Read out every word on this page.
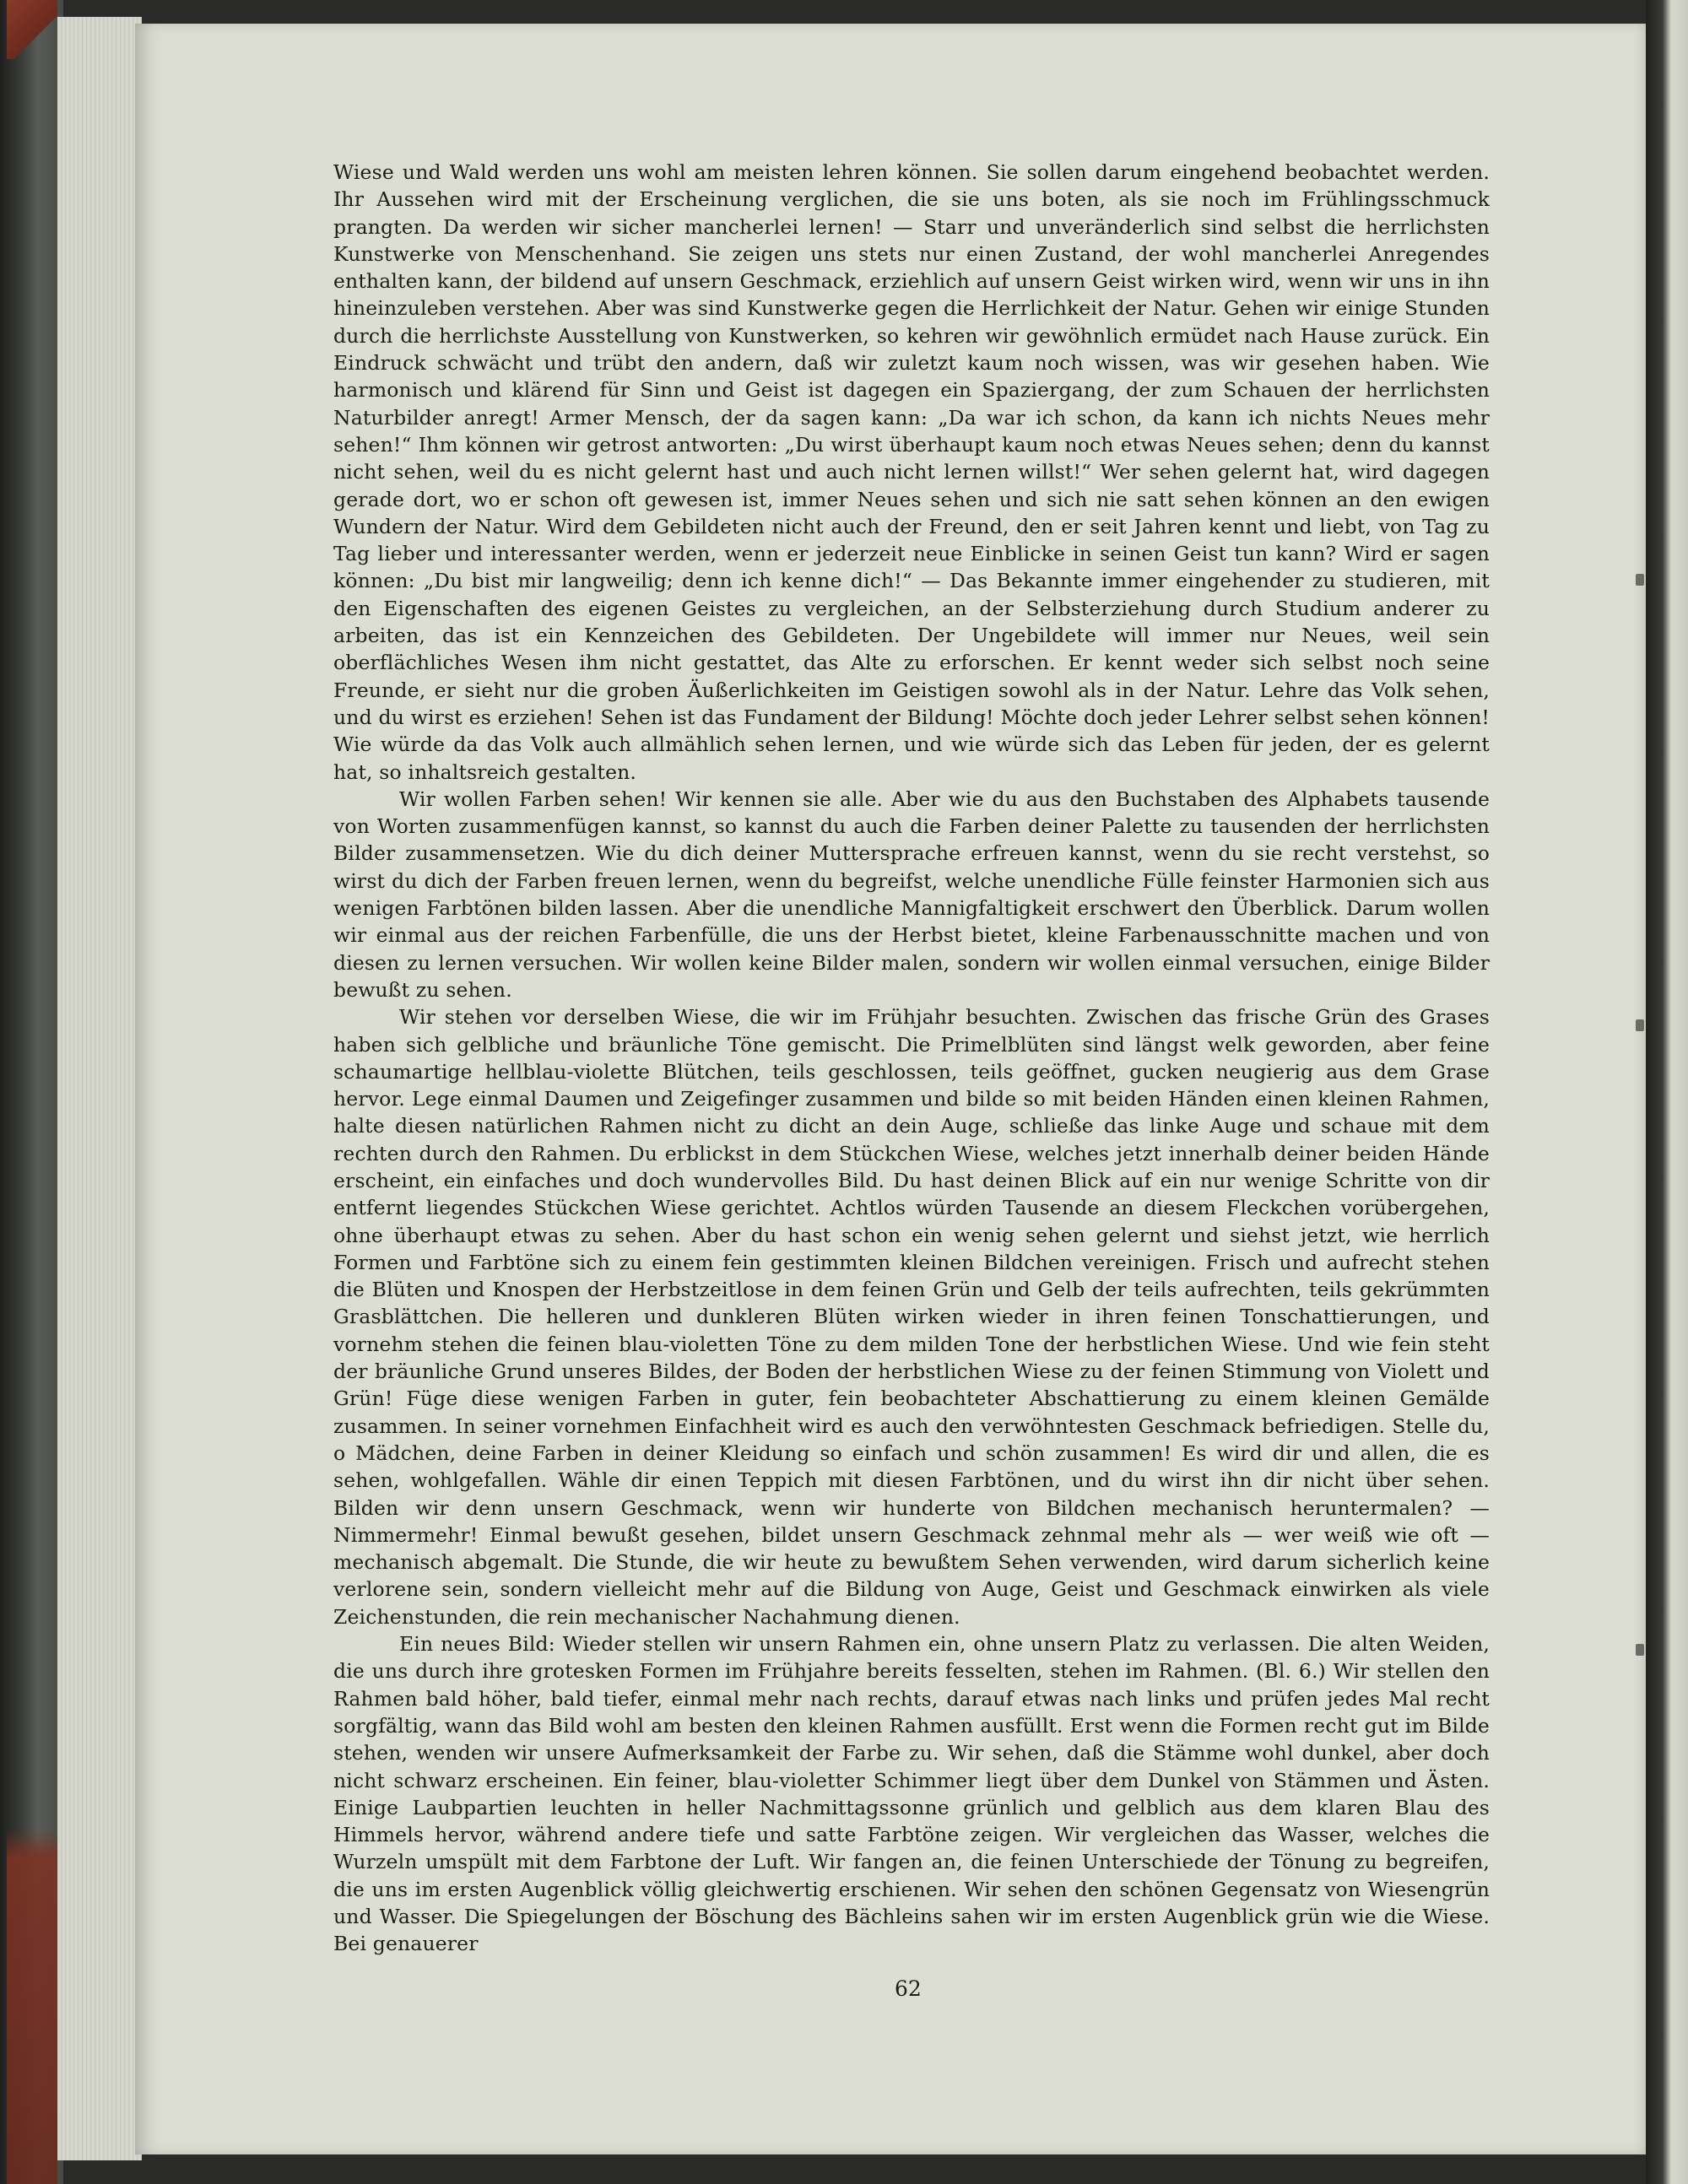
Wiese und Wald werden uns wohl am meisten lehren können. Sie sollen darum eingehend beobachtet werden. Ihr Aussehen wird mit der Erscheinung verglichen, die sie uns boten, als sie noch im Frühlingsschmuck prangten. Da werden wir sicher mancherlei lernen! — Starr und unveränderlich sind selbst die herrlichsten Kunstwerke von Menschenhand. Sie zeigen uns stets nur einen Zustand, der wohl mancherlei Anregendes enthalten kann, der bildend auf unsern Geschmack, erziehlich auf unsern Geist wirken wird, wenn wir uns in ihn hineinzuleben verstehen. Aber was sind Kunstwerke gegen die Herrlichkeit der Natur. Gehen wir einige Stunden durch die herrlichste Ausstellung von Kunstwerken, so kehren wir gewöhnlich ermüdet nach Hause zurück. Ein Eindruck schwächt und trübt den andern, daß wir zuletzt kaum noch wissen, was wir gesehen haben. Wie harmonisch und klärend für Sinn und Geist ist dagegen ein Spaziergang, der zum Schauen der herrlichsten Naturbilder anregt! Armer Mensch, der da sagen kann: „Da war ich schon, da kann ich nichts Neues mehr sehen!“ Ihm können wir getrost antworten: „Du wirst überhaupt kaum noch etwas Neues sehen; denn du kannst nicht sehen, weil du es nicht gelernt hast und auch nicht lernen willst!“ Wer sehen gelernt hat, wird dagegen gerade dort, wo er schon oft gewesen ist, immer Neues sehen und sich nie satt sehen können an den ewigen Wundern der Natur. Wird dem Gebildeten nicht auch der Freund, den er seit Jahren kennt und liebt, von Tag zu Tag lieber und interessanter werden, wenn er jederzeit neue Einblicke in seinen Geist tun kann? Wird er sagen können: „Du bist mir langweilig; denn ich kenne dich!“ — Das Bekannte immer eingehender zu studieren, mit den Eigenschaften des eigenen Geistes zu vergleichen, an der Selbsterziehung durch Studium anderer zu arbeiten, das ist ein Kennzeichen des Gebildeten. Der Ungebildete will immer nur Neues, weil sein oberflächliches Wesen ihm nicht gestattet, das Alte zu erforschen. Er kennt weder sich selbst noch seine Freunde, er sieht nur die groben Äußerlichkeiten im Geistigen sowohl als in der Natur. Lehre das Volk sehen, und du wirst es erziehen! Sehen ist das Fundament der Bildung! Möchte doch jeder Lehrer selbst sehen können! Wie würde da das Volk auch allmählich sehen lernen, und wie würde sich das Leben für jeden, der es gelernt hat, so inhaltsreich gestalten.

Wir wollen Farben sehen! Wir kennen sie alle. Aber wie du aus den Buchstaben des Alphabets tausende von Worten zusammenfügen kannst, so kannst du auch die Farben deiner Palette zu tausenden der herrlichsten Bilder zusammensetzen. Wie du dich deiner Muttersprache erfreuen kannst, wenn du sie recht verstehst, so wirst du dich der Farben freuen lernen, wenn du begreifst, welche unendliche Fülle feinster Harmonien sich aus wenigen Farbtönen bilden lassen. Aber die unendliche Mannigfaltigkeit erschwert den Überblick. Darum wollen wir einmal aus der reichen Farbenfülle, die uns der Herbst bietet, kleine Farbenausschnitte machen und von diesen zu lernen versuchen. Wir wollen keine Bilder malen, sondern wir wollen einmal versuchen, einige Bilder bewußt zu sehen.

Wir stehen vor derselben Wiese, die wir im Frühjahr besuchten. Zwischen das frische Grün des Grases haben sich gelbliche und bräunliche Töne gemischt. Die Primelblüten sind längst welk geworden, aber feine schaumartige hellblau-violette Blütchen, teils geschlossen, teils geöffnet, gucken neugierig aus dem Grase hervor. Lege einmal Daumen und Zeigefinger zusammen und bilde so mit beiden Händen einen kleinen Rahmen, halte diesen natürlichen Rahmen nicht zu dicht an dein Auge, schließe das linke Auge und schaue mit dem rechten durch den Rahmen. Du erblickst in dem Stückchen Wiese, welches jetzt innerhalb deiner beiden Hände erscheint, ein einfaches und doch wundervolles Bild. Du hast deinen Blick auf ein nur wenige Schritte von dir entfernt liegendes Stückchen Wiese gerichtet. Achtlos würden Tausende an diesem Fleckchen vorübergehen, ohne überhaupt etwas zu sehen. Aber du hast schon ein wenig sehen gelernt und siehst jetzt, wie herrlich Formen und Farbtöne sich zu einem fein gestimmten kleinen Bildchen vereinigen. Frisch und aufrecht stehen die Blüten und Knospen der Herbstzeitlose in dem feinen Grün und Gelb der teils aufrechten, teils gekrümmten Grasblättchen. Die helleren und dunkleren Blüten wirken wieder in ihren feinen Tonschattierungen, und vornehm stehen die feinen blau-violetten Töne zu dem milden Tone der herbstlichen Wiese. Und wie fein steht der bräunliche Grund unseres Bildes, der Boden der herbstlichen Wiese zu der feinen Stimmung von Violett und Grün! Füge diese wenigen Farben in guter, fein beobachteter Abschattierung zu einem kleinen Gemälde zusammen. In seiner vornehmen Einfachheit wird es auch den verwöhntesten Geschmack befriedigen. Stelle du, o Mädchen, deine Farben in deiner Kleidung so einfach und schön zusammen! Es wird dir und allen, die es sehen, wohlgefallen. Wähle dir einen Teppich mit diesen Farbtönen, und du wirst ihn dir nicht über sehen. Bilden wir denn unsern Geschmack, wenn wir hunderte von Bildchen mechanisch heruntermalen? — Nimmermehr! Einmal bewußt gesehen, bildet unsern Geschmack zehnmal mehr als — wer weiß wie oft — mechanisch abgemalt. Die Stunde, die wir heute zu bewußtem Sehen verwenden, wird darum sicherlich keine verlorene sein, sondern vielleicht mehr auf die Bildung von Auge, Geist und Geschmack einwirken als viele Zeichenstunden, die rein mechanischer Nachahmung dienen.

Ein neues Bild: Wieder stellen wir unsern Rahmen ein, ohne unsern Platz zu verlassen. Die alten Weiden, die uns durch ihre grotesken Formen im Frühjahre bereits fesselten, stehen im Rahmen. (Bl. 6.) Wir stellen den Rahmen bald höher, bald tiefer, einmal mehr nach rechts, darauf etwas nach links und prüfen jedes Mal recht sorgfältig, wann das Bild wohl am besten den kleinen Rahmen ausfüllt. Erst wenn die Formen recht gut im Bilde stehen, wenden wir unsere Aufmerksamkeit der Farbe zu. Wir sehen, daß die Stämme wohl dunkel, aber doch nicht schwarz erscheinen. Ein feiner, blau-violetter Schimmer liegt über dem Dunkel von Stämmen und Ästen. Einige Laubpartien leuchten in heller Nachmittagssonne grünlich und gelblich aus dem klaren Blau des Himmels hervor, während andere tiefe und satte Farbtöne zeigen. Wir vergleichen das Wasser, welches die Wurzeln umspült mit dem Farbtone der Luft. Wir fangen an, die feinen Unterschiede der Tönung zu begreifen, die uns im ersten Augenblick völlig gleichwertig erschienen. Wir sehen den schönen Gegensatz von Wiesengrün und Wasser. Die Spiegelungen der Böschung des Bächleins sahen wir im ersten Augenblick grün wie die Wiese. Bei genauerer

62
